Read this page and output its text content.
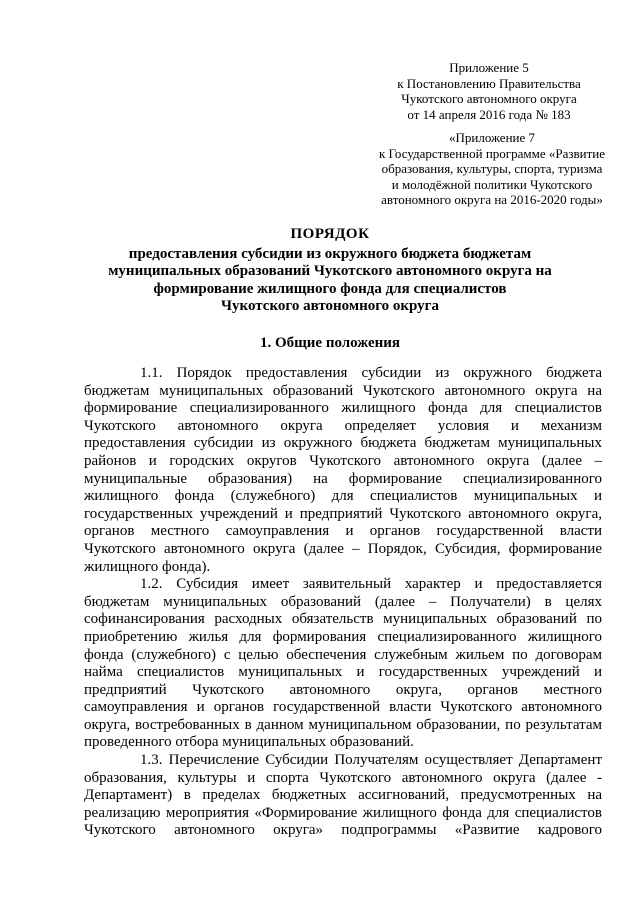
Приложение 5
к Постановлению Правительства
Чукотского автономного округа
от 14 апреля 2016 года № 183
«Приложение 7
к Государственной программе «Развитие
образования, культуры, спорта, туризма
и молодёжной политики Чукотского
автономного округа на 2016-2020 годы»
ПОРЯДОК
предоставления субсидии из окружного бюджета бюджетам
муниципальных образований Чукотского автономного округа на
формирование жилищного фонда для специалистов
Чукотского автономного округа
1. Общие положения
1.1. Порядок предоставления субсидии из окружного бюджета
бюджетам муниципальных образований Чукотского автономного округа на
формирование специализированного жилищного фонда для специалистов
Чукотского автономного округа определяет условия и механизм
предоставления субсидии из окружного бюджета бюджетам муниципальных
районов и городских округов Чукотского автономного округа (далее –
муниципальные образования) на формирование специализированного
жилищного фонда (служебного) для специалистов муниципальных и
государственных учреждений и предприятий Чукотского автономного округа,
органов местного самоуправления и органов государственной власти
Чукотского автономного округа (далее – Порядок, Субсидия, формирование
жилищного фонда).
1.2. Субсидия имеет заявительный характер и предоставляется
бюджетам муниципальных образований (далее – Получатели) в целях
софинансирования расходных обязательств муниципальных образований по
приобретению жилья для формирования специализированного жилищного
фонда (служебного) с целью обеспечения служебным жильем по договорам
найма специалистов муниципальных и государственных учреждений и
предприятий Чукотского автономного округа, органов местного
самоуправления и органов государственной власти Чукотского автономного
округа, востребованных в данном муниципальном образовании, по результатам
проведенного отбора муниципальных образований.
1.3. Перечисление Субсидии Получателям осуществляет Департамент
образования, культуры и спорта Чукотского автономного округа (далее -
Департамент) в пределах бюджетных ассигнований, предусмотренных на
реализацию мероприятия «Формирование жилищного фонда для специалистов
Чукотского автономного округа» подпрограммы «Развитие кадрового
